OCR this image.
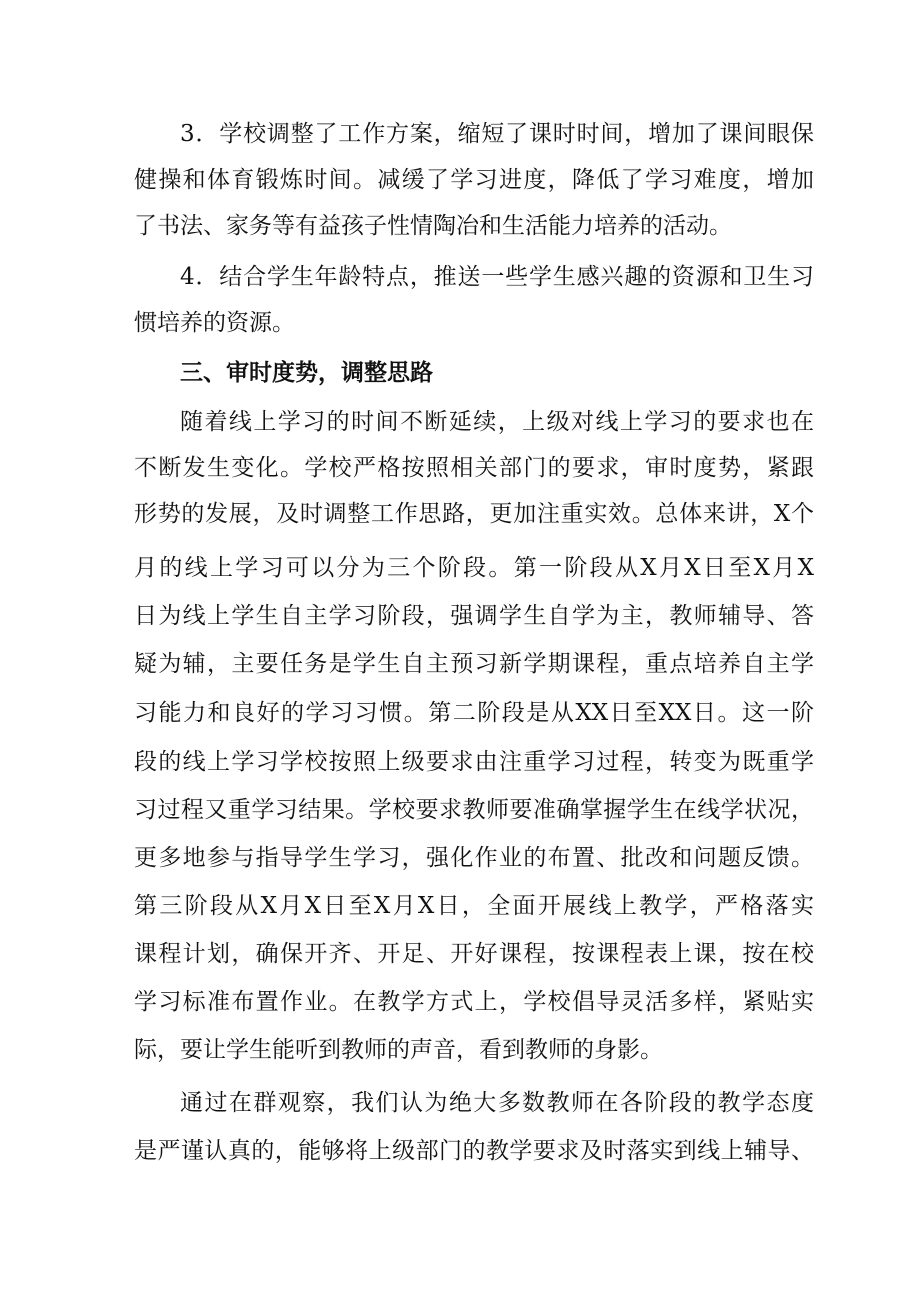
3．学校调整了工作方案，缩短了课时时间，增加了课间眼保
健操和体育锻炼时间。减缓了学习进度，降低了学习难度，增加
了书法、家务等有益孩子性情陶冶和生活能力培养的活动。
4．结合学生年龄特点，推送一些学生感兴趣的资源和卫生习
惯培养的资源。
三、审时度势，调整思路
随着线上学习的时间不断延续，上级对线上学习的要求也在
不断发生变化。学校严格按照相关部门的要求，审时度势，紧跟
形势的发展，及时调整工作思路，更加注重实效。总体来讲，X个
月的线上学习可以分为三个阶段。第一阶段从X月X日至X月X
日为线上学生自主学习阶段，强调学生自学为主，教师辅导、答
疑为辅，主要任务是学生自主预习新学期课程，重点培养自主学
习能力和良好的学习习惯。第二阶段是从XX日至XX日。这一阶
段的线上学习学校按照上级要求由注重学习过程，转变为既重学
习过程又重学习结果。学校要求教师要准确掌握学生在线学状况，
更多地参与指导学生学习，强化作业的布置、批改和问题反馈。
第三阶段从X月X日至X月X日，全面开展线上教学，严格落实
课程计划，确保开齐、开足、开好课程，按课程表上课，按在校
学习标准布置作业。在教学方式上，学校倡导灵活多样，紧贴实
际，要让学生能听到教师的声音，看到教师的身影。
通过在群观察，我们认为绝大多数教师在各阶段的教学态度
是严谨认真的，能够将上级部门的教学要求及时落实到线上辅导、
